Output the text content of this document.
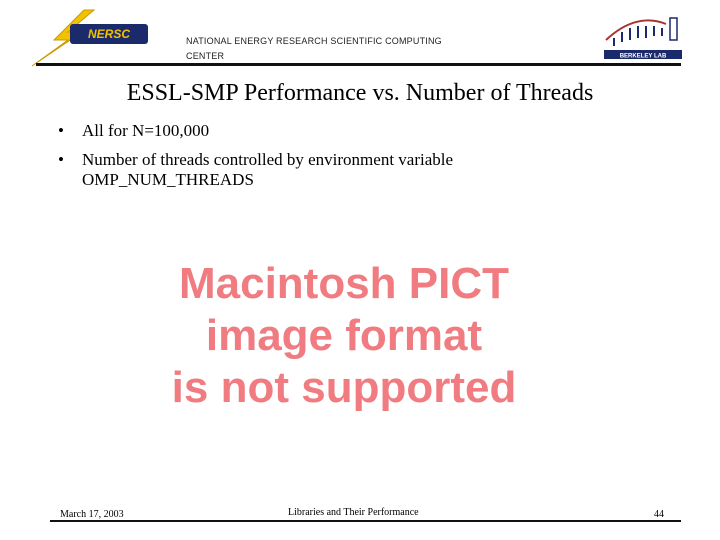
NERSC	NATIONAL ENERGY RESEARCH SCIENTIFIC COMPUTING
CENTER	BERKELEY LAB
ESSL-SMP Performance vs. Number of Threads
• All for N=100,000
• Number of threads controlled by environment variable
OMP_NUM_THREADS
Macintosh PICT
image format
is not supported
March 17, 2003	Libraries and Their Performance	44
